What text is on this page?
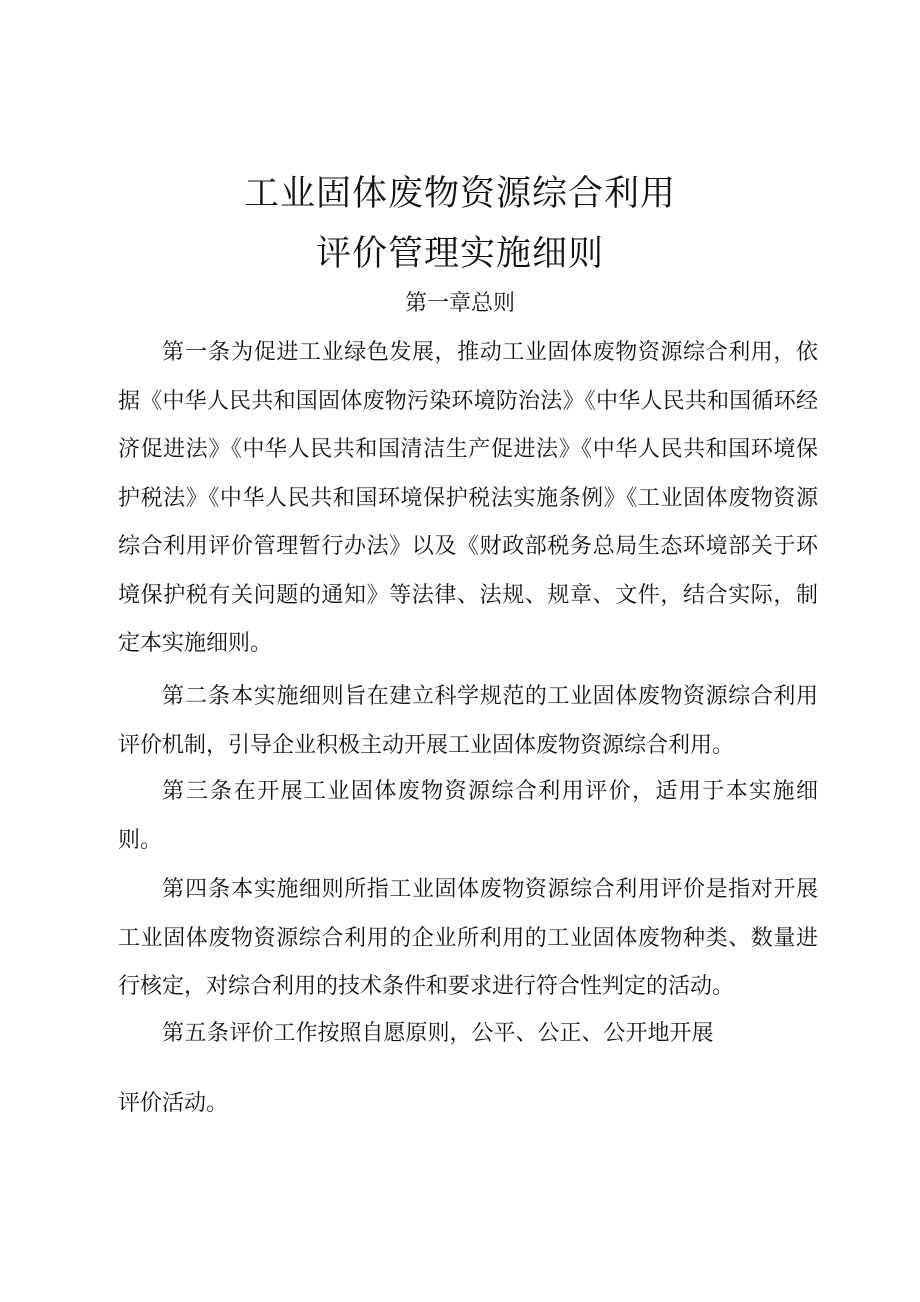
工业固体废物资源综合利用
评价管理实施细则
第一章总则

第一条为促进工业绿色发展，推动工业固体废物资源综合利用，依据《中华人民共和国固体废物污染环境防治法》《中华人民共和国循环经济促进法》《中华人民共和国清洁生产促进法》《中华人民共和国环境保护税法》《中华人民共和国环境保护税法实施条例》《工业固体废物资源综合利用评价管理暂行办法》以及《财政部税务总局生态环境部关于环境保护税有关问题的通知》等法律、法规、规章、文件，结合实际，制定本实施细则。

第二条本实施细则旨在建立科学规范的工业固体废物资源综合利用评价机制，引导企业积极主动开展工业固体废物资源综合利用。

第三条在开展工业固体废物资源综合利用评价，适用于本实施细则。

第四条本实施细则所指工业固体废物资源综合利用评价是指对开展工业固体废物资源综合利用的企业所利用的工业固体废物种类、数量进行核定，对综合利用的技术条件和要求进行符合性判定的活动。

第五条评价工作按照自愿原则，公平、公正、公开地开展

评价活动。
